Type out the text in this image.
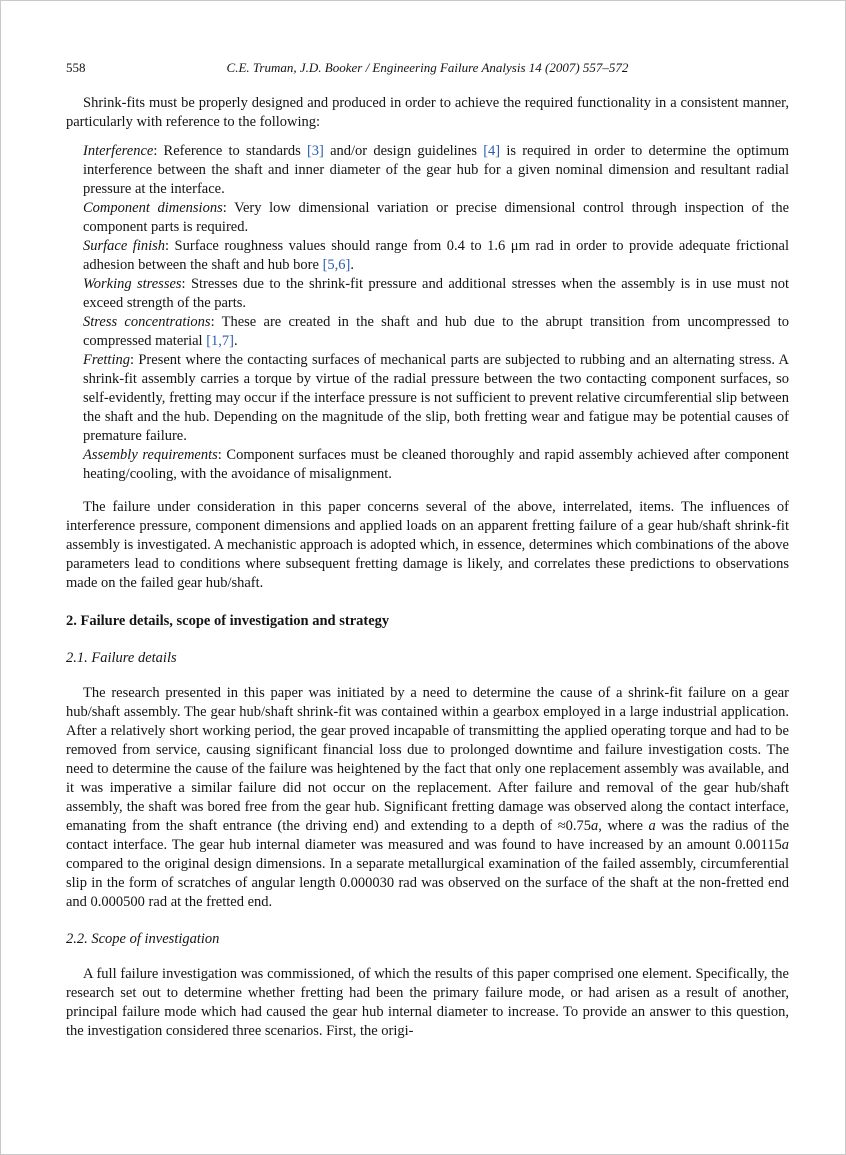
558	C.E. Truman, J.D. Booker / Engineering Failure Analysis 14 (2007) 557–572
Shrink-fits must be properly designed and produced in order to achieve the required functionality in a consistent manner, particularly with reference to the following:
Interference: Reference to standards [3] and/or design guidelines [4] is required in order to determine the optimum interference between the shaft and inner diameter of the gear hub for a given nominal dimension and resultant radial pressure at the interface.
Component dimensions: Very low dimensional variation or precise dimensional control through inspection of the component parts is required.
Surface finish: Surface roughness values should range from 0.4 to 1.6 μm rad in order to provide adequate frictional adhesion between the shaft and hub bore [5,6].
Working stresses: Stresses due to the shrink-fit pressure and additional stresses when the assembly is in use must not exceed strength of the parts.
Stress concentrations: These are created in the shaft and hub due to the abrupt transition from uncompressed to compressed material [1,7].
Fretting: Present where the contacting surfaces of mechanical parts are subjected to rubbing and an alternating stress. A shrink-fit assembly carries a torque by virtue of the radial pressure between the two contacting component surfaces, so self-evidently, fretting may occur if the interface pressure is not sufficient to prevent relative circumferential slip between the shaft and the hub. Depending on the magnitude of the slip, both fretting wear and fatigue may be potential causes of premature failure.
Assembly requirements: Component surfaces must be cleaned thoroughly and rapid assembly achieved after component heating/cooling, with the avoidance of misalignment.
The failure under consideration in this paper concerns several of the above, interrelated, items. The influences of interference pressure, component dimensions and applied loads on an apparent fretting failure of a gear hub/shaft shrink-fit assembly is investigated. A mechanistic approach is adopted which, in essence, determines which combinations of the above parameters lead to conditions where subsequent fretting damage is likely, and correlates these predictions to observations made on the failed gear hub/shaft.
2. Failure details, scope of investigation and strategy
2.1. Failure details
The research presented in this paper was initiated by a need to determine the cause of a shrink-fit failure on a gear hub/shaft assembly. The gear hub/shaft shrink-fit was contained within a gearbox employed in a large industrial application. After a relatively short working period, the gear proved incapable of transmitting the applied operating torque and had to be removed from service, causing significant financial loss due to prolonged downtime and failure investigation costs. The need to determine the cause of the failure was heightened by the fact that only one replacement assembly was available, and it was imperative a similar failure did not occur on the replacement. After failure and removal of the gear hub/shaft assembly, the shaft was bored free from the gear hub. Significant fretting damage was observed along the contact interface, emanating from the shaft entrance (the driving end) and extending to a depth of ≈0.75a, where a was the radius of the contact interface. The gear hub internal diameter was measured and was found to have increased by an amount 0.00115a compared to the original design dimensions. In a separate metallurgical examination of the failed assembly, circumferential slip in the form of scratches of angular length 0.000030 rad was observed on the surface of the shaft at the non-fretted end and 0.000500 rad at the fretted end.
2.2. Scope of investigation
A full failure investigation was commissioned, of which the results of this paper comprised one element. Specifically, the research set out to determine whether fretting had been the primary failure mode, or had arisen as a result of another, principal failure mode which had caused the gear hub internal diameter to increase. To provide an answer to this question, the investigation considered three scenarios. First, the origi-
